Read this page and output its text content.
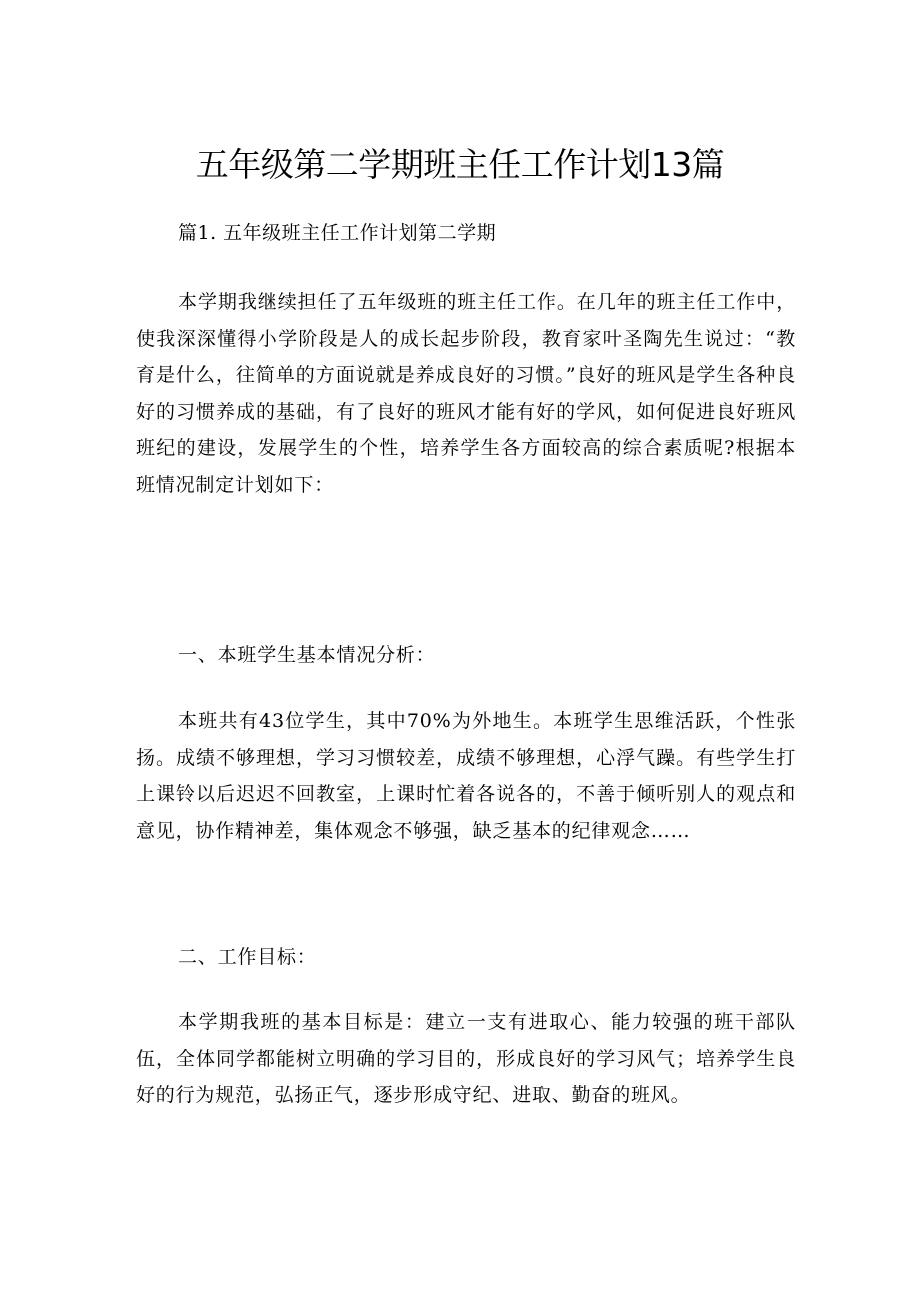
五年级第二学期班主任工作计划13篇
篇1. 五年级班主任工作计划第二学期

本学期我继续担任了五年级班的班主任工作。在几年的班主任工作中，使我深深懂得小学阶段是人的成长起步阶段，教育家叶圣陶先生说过：“教育是什么，往简单的方面说就是养成良好的习惯。”良好的班风是学生各种良好的习惯养成的基础，有了良好的班风才能有好的学风，如何促进良好班风班纪的建设，发展学生的个性，培养学生各方面较高的综合素质呢?根据本班情况制定计划如下：

一、本班学生基本情况分析：

本班共有43位学生，其中70%为外地生。本班学生思维活跃，个性张扬。成绩不够理想，学习习惯较差，成绩不够理想，心浮气躁。有些学生打上课铃以后迟迟不回教室，上课时忙着各说各的，不善于倾听别人的观点和意见，协作精神差，集体观念不够强，缺乏基本的纪律观念……

二、工作目标：

本学期我班的基本目标是：建立一支有进取心、能力较强的班干部队伍，全体同学都能树立明确的学习目的，形成良好的学习风气；培养学生良好的行为规范，弘扬正气，逐步形成守纪、进取、勤奋的班风。
